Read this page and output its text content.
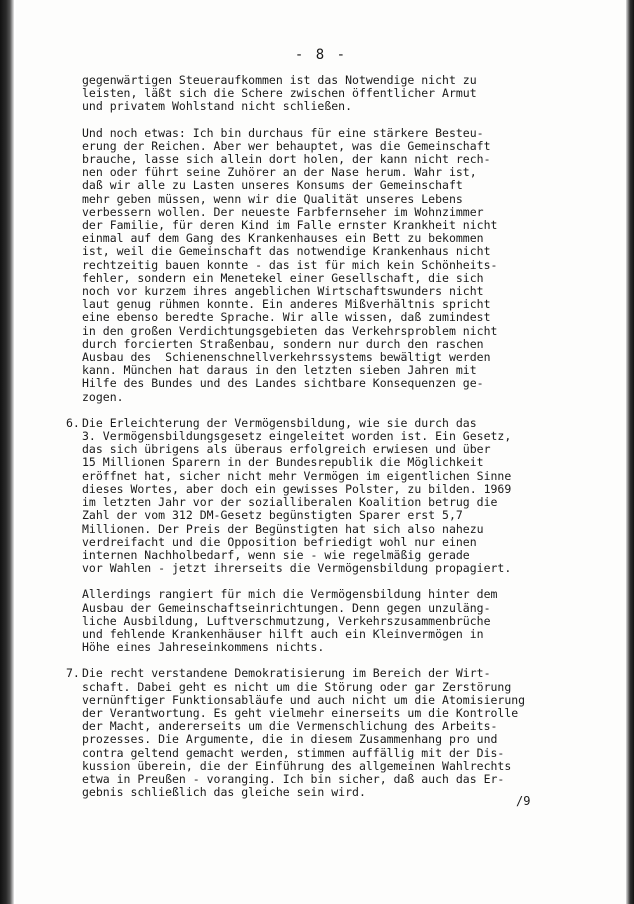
- 8 -
gegenwärtigen Steueraufkommen ist das Notwendige nicht zu
leisten, läßt sich die Schere zwischen öffentlicher Armut
und privatem Wohlstand nicht schließen.
Und noch etwas: Ich bin durchaus für eine stärkere Besteu-
erung der Reichen. Aber wer behauptet, was die Gemeinschaft
brauche, lasse sich allein dort holen, der kann nicht rech-
nen oder führt seine Zuhörer an der Nase herum. Wahr ist,
daß wir alle zu Lasten unseres Konsums der Gemeinschaft
mehr geben müssen, wenn wir die Qualität unseres Lebens
verbessern wollen. Der neueste Farbfernseher im Wohnzimmer
der Familie, für deren Kind im Falle ernster Krankheit nicht
einmal auf dem Gang des Krankenhauses ein Bett zu bekommen
ist, weil die Gemeinschaft das notwendige Krankenhaus nicht
rechtzeitig bauen konnte - das ist für mich kein Schönheits-
fehler, sondern ein Menetekel einer Gesellschaft, die sich
noch vor kurzem ihres angeblichen Wirtschaftswunders nicht
laut genug rühmen konnte. Ein anderes Mißverhältnis spricht
eine ebenso beredte Sprache. Wir alle wissen, daß zumindest
in den großen Verdichtungsgebieten das Verkehrsproblem nicht
durch forcierten Straßenbau, sondern nur durch den raschen
Ausbau des  Schienenschnellverkehrssystems bewältigt werden
kann. München hat daraus in den letzten sieben Jahren mit
Hilfe des Bundes und des Landes sichtbare Konsequenzen ge-
zogen.
6. Die Erleichterung der Vermögensbildung, wie sie durch das
3. Vermögensbildungsgesetz eingeleitet worden ist. Ein Gesetz,
das sich übrigens als überaus erfolgreich erwiesen und über
15 Millionen Sparern in der Bundesrepublik die Möglichkeit
eröffnet hat, sicher nicht mehr Vermögen im eigentlichen Sinne
dieses Wortes, aber doch ein gewisses Polster, zu bilden. 1969
im letzten Jahr vor der sozialliberalen Koalition betrug die
Zahl der vom 312 DM-Gesetz begünstigten Sparer erst 5,7
Millionen. Der Preis der Begünstigten hat sich also nahezu
verdreifacht und die Opposition befriedigt wohl nur einen
internen Nachholbedarf, wenn sie - wie regelmäßig gerade
vor Wahlen - jetzt ihrerseits die Vermögensbildung propagiert.
Allerdings rangiert für mich die Vermögensbildung hinter dem
Ausbau der Gemeinschaftseinrichtungen. Denn gegen unzuläng-
liche Ausbildung, Luftverschmutzung, Verkehrszusammenbrüche
und fehlende Krankenhäuser hilft auch ein Kleinvermögen in
Höhe eines Jahreseinkommens nichts.
7. Die recht verstandene Demokratisierung im Bereich der Wirt-
schaft. Dabei geht es nicht um die Störung oder gar Zerstörung
vernünftiger Funktionsabläufe und auch nicht um die Atomisierung
der Verantwortung. Es geht vielmehr einerseits um die Kontrolle
der Macht, andererseits um die Vermenschlichung des Arbeits-
prozesses. Die Argumente, die in diesem Zusammenhang pro und
contra geltend gemacht werden, stimmen auffällig mit der Dis-
kussion überein, die der Einführung des allgemeinen Wahlrechts
etwa in Preußen - voranging. Ich bin sicher, daß auch das Er-
gebnis schließlich das gleiche sein wird.
/9
